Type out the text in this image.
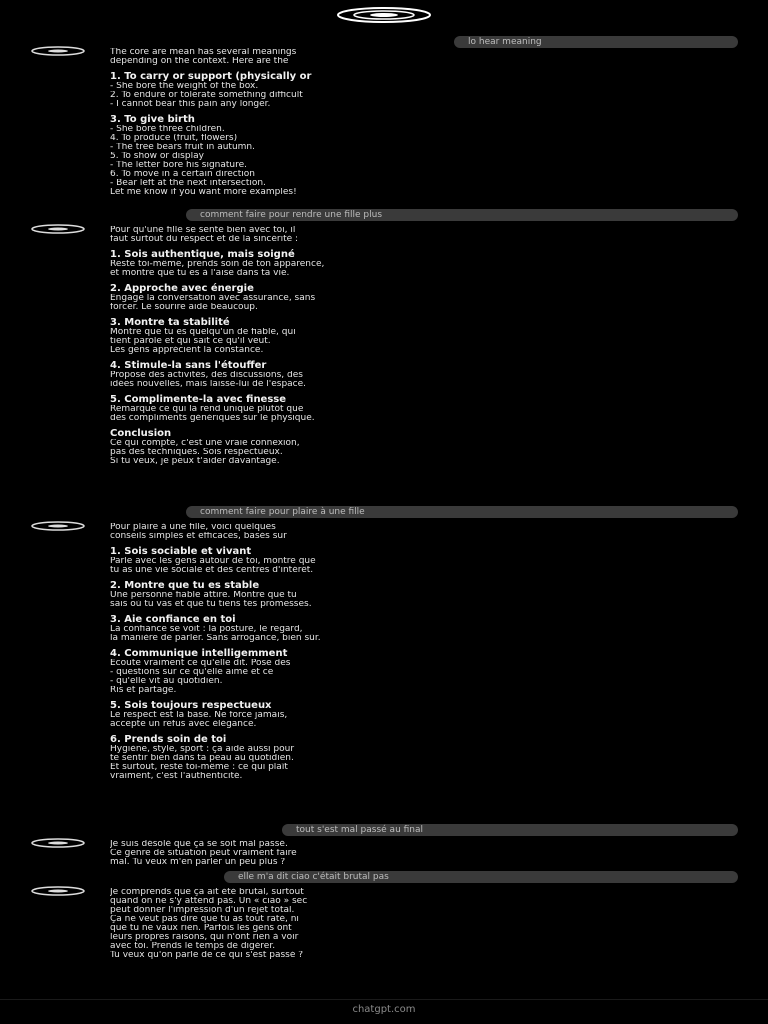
lo hear meaning

The core are mean has several meanings

depending on the context. Here are the

1. To carry or support (physically or

- She bore the weight of the box.

2. To endure or tolerate something difficult

- I cannot bear this pain any longer.

3. To give birth

- She bore three children.

4. To produce (fruit, flowers)

- The tree bears fruit in autumn.

5. To show or display

- The letter bore his signature.

6. To move in a certain direction

- Bear left at the next intersection.

Let me know if you want more examples!

comment faire pour rendre une fille plus

Pour qu'une fille se sente bien avec toi, il

faut surtout du respect et de la sincérité :

1. Sois authentique, mais soigné

Reste toi-même, prends soin de ton apparence,

et montre que tu es à l'aise dans ta vie.

2. Approche avec énergie

Engage la conversation avec assurance, sans

forcer. Le sourire aide beaucoup.

3. Montre ta stabilité

Montre que tu es quelqu'un de fiable, qui

tient parole et qui sait ce qu'il veut.

Les gens apprécient la constance.

4. Stimule-la sans l'étouffer

Propose des activités, des discussions, des

idées nouvelles, mais laisse-lui de l'espace.

5. Complimente-la avec finesse

Remarque ce qui la rend unique plutôt que

des compliments génériques sur le physique.

Conclusion

Ce qui compte, c'est une vraie connexion,

pas des techniques. Sois respectueux.

Si tu veux, je peux t'aider davantage.

comment faire pour plaire à une fille

Pour plaire à une fille, voici quelques

conseils simples et efficaces, basés sur

1. Sois sociable et vivant

Parle avec les gens autour de toi, montre que

tu as une vie sociale et des centres d'intérêt.

2. Montre que tu es stable

Une personne fiable attire. Montre que tu

sais où tu vas et que tu tiens tes promesses.

3. Aie confiance en toi

La confiance se voit : la posture, le regard,

la manière de parler. Sans arrogance, bien sûr.

4. Communique intelligemment

Écoute vraiment ce qu'elle dit. Pose des

- questions sur ce qu'elle aime et ce

- qu'elle vit au quotidien.

Ris et partage.

5. Sois toujours respectueux

Le respect est la base. Ne force jamais,

accepte un refus avec élégance.

6. Prends soin de toi

Hygiène, style, sport : ça aide aussi pour

te sentir bien dans ta peau au quotidien.

Et surtout, reste toi-même : ce qui plaît

vraiment, c'est l'authenticité.

tout s'est mal passé au final

Je suis désolé que ça se soit mal passé.

Ce genre de situation peut vraiment faire

mal. Tu veux m'en parler un peu plus ?

elle m'a dit ciao c'était brutal pas

Je comprends que ça ait été brutal, surtout

quand on ne s'y attend pas. Un « ciao » sec

peut donner l'impression d'un rejet total.

Ça ne veut pas dire que tu as tout raté, ni

que tu ne vaux rien. Parfois les gens ont

leurs propres raisons, qui n'ont rien à voir

avec toi. Prends le temps de digérer.

Tu veux qu'on parle de ce qui s'est passé ?

chatgpt.com
